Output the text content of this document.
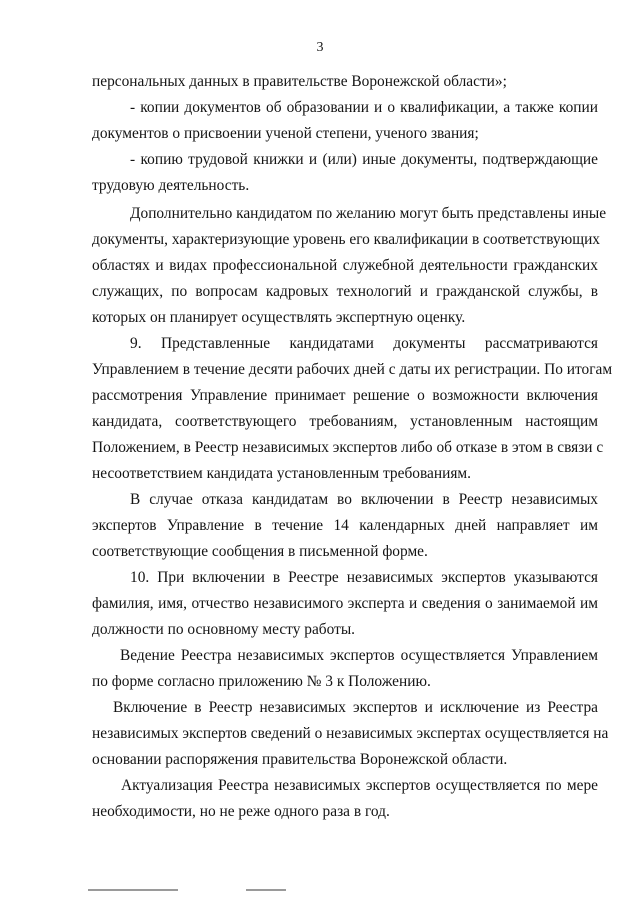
3
персональных данных в правительстве Воронежской области»;
- копии документов об образовании и о квалификации, а также копии
документов о присвоении ученой степени, ученого звания;
- копию трудовой книжки и (или) иные документы, подтверждающие
трудовую деятельность.
Дополнительно кандидатом по желанию могут быть представлены иные
документы, характеризующие уровень его квалификации в соответствующих
областях и видах профессиональной служебной деятельности гражданских
служащих, по вопросам кадровых технологий и гражданской службы, в
которых он планирует осуществлять экспертную оценку.
9. Представленные кандидатами документы рассматриваются
Управлением в течение десяти рабочих дней с даты их регистрации. По итогам
рассмотрения Управление принимает решение о возможности включения
кандидата, соответствующего требованиям, установленным настоящим
Положением, в Реестр независимых экспертов либо об отказе в этом в связи с
несоответствием кандидата установленным требованиям.
В случае отказа кандидатам во включении в Реестр независимых
экспертов Управление в течение 14 календарных дней направляет им
соответствующие сообщения в письменной форме.
10. При включении в Реестре независимых экспертов указываются
фамилия, имя, отчество независимого эксперта и сведения о занимаемой им
должности по основному месту работы.
Ведение Реестра независимых экспертов осуществляется Управлением
по форме согласно приложению № 3 к Положению.
Включение в Реестр независимых экспертов и исключение из Реестра
независимых экспертов сведений о независимых экспертах осуществляется на
основании распоряжения правительства Воронежской области.
Актуализация Реестра независимых экспертов осуществляется по мере
необходимости, но не реже одного раза в год.
